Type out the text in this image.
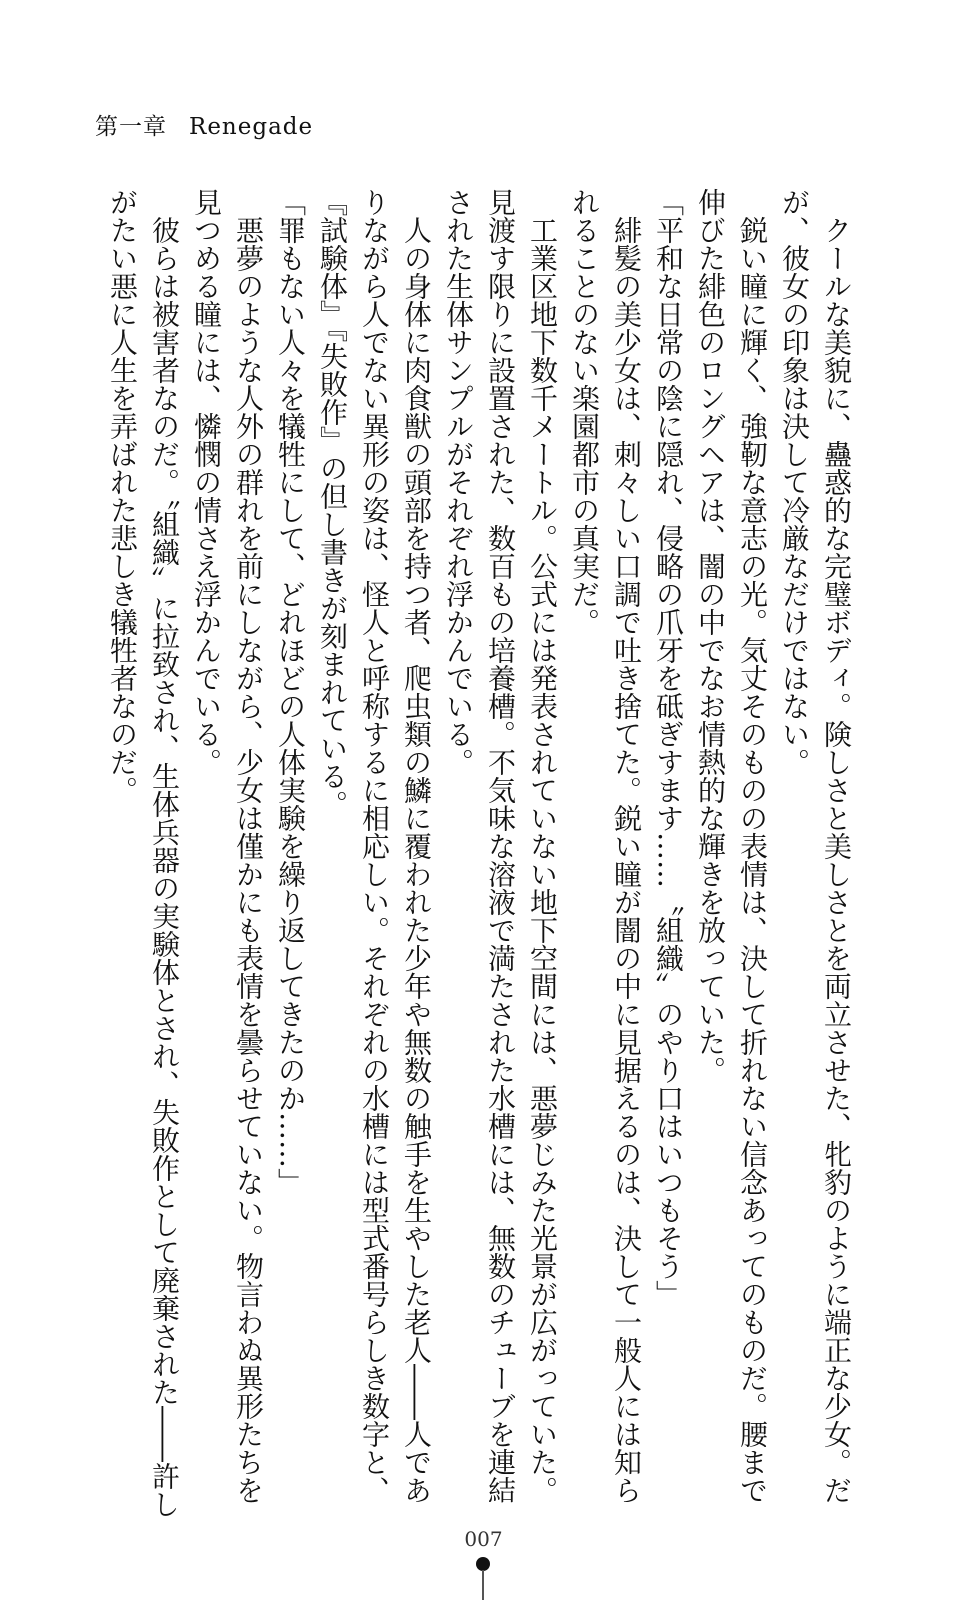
第一章 Renegade

クールな美貌に、蠱惑的な完璧ボディ。険しさと美しさとを両立させた、牝豹のように端正な少女。だが、彼女の印象は決して冷厳なだけではない。

鋭い瞳に輝く、強靭な意志の光。気丈そのものの表情は、決して折れない信念あってのものだ。腰まで伸びた緋色のロングヘアは、闇の中でなお情熱的な輝きを放っていた。

「平和な日常の陰に隠れ、侵略の爪牙を砥ぎすます……〝組織〟のやり口はいつもそう」

緋髪の美少女は、刺々しい口調で吐き捨てた。鋭い瞳が闇の中に見据えるのは、決して一般人には知られることのない楽園都市の真実だ。

工業区地下数千メートル。公式には発表されていない地下空間には、悪夢じみた光景が広がっていた。見渡す限りに設置された、数百もの培養槽。不気味な溶液で満たされた水槽には、無数のチューブを連結された生体サンプルがそれぞれ浮かんでいる。

人の身体に肉食獣の頭部を持つ者、爬虫類の鱗に覆われた少年や無数の触手を生やした老人――人でありながら人でない異形の姿は、怪人と呼称するに相応しい。それぞれの水槽には型式番号らしき数字と、『試験体』『失敗作』の但し書きが刻まれている。

「罪もない人々を犠牲にして、どれほどの人体実験を繰り返してきたのか……」

悪夢のような人外の群れを前にしながら、少女は僅かにも表情を曇らせていない。物言わぬ異形たちを見つめる瞳には、憐憫の情さえ浮かんでいる。

彼らは被害者なのだ。〝組織〟に拉致され、生体兵器の実験体とされ、失敗作として廃棄された――許しがたい悪に人生を弄ばれた悲しき犠牲者なのだ。

007
